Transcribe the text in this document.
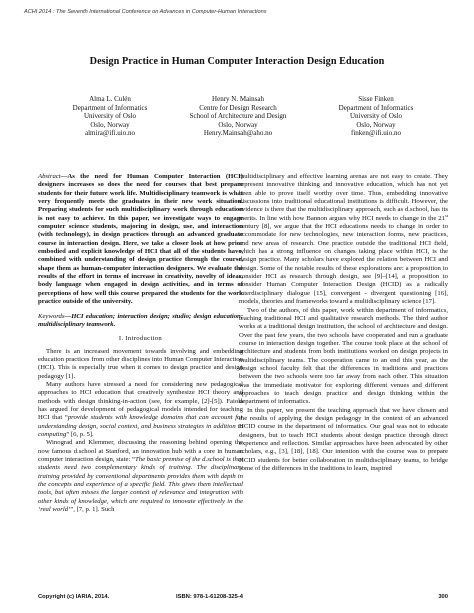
ACHI 2014 : The Seventh International Conference on Advances in Computer-Human Interactions
Design Practice in Human Computer Interaction Design Education
Alma L. Culén
Department of Informatics
University of Oslo
Oslo, Norway
almira@ifi.uio.no
Henry N. Mainsah
Centre for Design Research
School of Architecture and Design
Oslo, Norway
Henry.Mainsah@aho.no
Sisse Finken
Department of Informatics
University of Oslo
Oslo, Norway
finken@ifi.uio.no

Abstract—As the need for Human Computer Interaction (HCI) designers increases so does the need for courses that best prepare students for their future work life. Multidisciplinary teamwork is what very frequently meets the graduates in their new work situation. Preparing students for such multidisciplinary work through education is not easy to achieve. In this paper, we investigate ways to engage computer science students, majoring in design, use, and interaction (with technology), in design practices through an advanced graduate course in interaction design. Here, we take a closer look at how prior embodied and explicit knowledge of HCI that all of the students have, combined with understanding of design practice through the course, shape them as human-computer interaction designers. We evaluate the results of the effort in terms of increase in creativity, novelty of ideas, body language when engaged in design activities, and in terms of perceptions of how well this course prepared the students for the work practice outside of the university.

Keywords—HCI education; interaction design; studio; design education; multidisciplinary teamwork.

I. Introduction

There is an increased movement towards involving and embedding education practices from other disciplines into Human Computer Interaction (HCI). This is especially true when it comes to design practice and design pedagogy [1].

Many authors have stressed a need for considering new pedagogical approaches to HCI education that creatively synthesize HCI theory and methods with design thinking-in-action (see, for example, [2]-[5]). Faiola has argued for development of pedagogical models intended for teaching HCI that “provide students with knowledge domains that can account for understanding design, social context, and business strategies in addition to computing” [6, p. 5].

Winograd and Klemmer, discussing the reasoning behind opening the now famous d.school at Stanford, an innovation hub with a core in human computer interaction design, state: “The basic premise of the d.school is that students need two complementary kinds of training. The disciplinary training provided by conventional departments provides them with depth in the concepts and experience of a specific field. This gives them intellectual tools, but often misses the larger context of relevance and integration with other kinds of knowledge, which are required to innovate effectively in the ‘real world’”, [7, p. 1]. Such

multidisciplinary and effective learning arenas are not easy to create. They represent innovative thinking and innovative education, which has not yet been able to prove itself worthy over time. Thus, embedding innovative discussions into traditional educational institutions is difficult. However, the evidence is there that the multidisciplinary approach, such as d.school, has its merits. In line with how Bannon argues why HCI needs to change in the 21st century [8], we argue that the HCI educations needs to change in order to accommodate for new technologies, new interaction forms, new practices, and new areas of research. One practice outside the traditional HCI field, which has a strong influence on changes taking place within HCI, is the design practice. Many scholars have explored the relation between HCI and design. Some of the notable results of these explorations are: a proposition to consider HCI as research through design, see [9]–[14], a proposition to consider Human Computer Interaction Design (HCID) as a radically interdisciplinary dialogue [15], convergent - divergent questioning [16], models, theories and frameworks toward a multidisciplinary science [17].

Two of the authors, of this paper, work within department of informatics, teaching traditional HCI and qualitative research methods. The third author works at a traditional design institution, the school of architecture and design. Over the past few years, the two schools have cooperated and run a graduate course in interaction design together. The course took place at the school of architecture and students from both institutions worked on design projects in multidisciplinary teams. The cooperation came to an end this year, as the design school faculty felt that the differences in traditions and practices between the two schools were too far away from each other. This situation was the immediate motivator for exploring different venues and different approaches to teach design practice and design thinking within the department of informatics.

In this paper, we present the teaching approach that we have chosen and the results of applying the design pedagogy in the context of an advanced HCID course in the department of informatics. Our goal was not to educate designers, but to teach HCI students about design practice through direct experience and reflection. Similar approaches have been advocated by other scholars, e.g., [3], [18], [18]. Our intention with the course was to prepare HCID students for better collaboration in multidisciplinary teams, to bridge some of the differences in the traditions to learn, inspired

Copyright (c) IARIA, 2014.	ISBN: 978-1-61208-325-4	300
